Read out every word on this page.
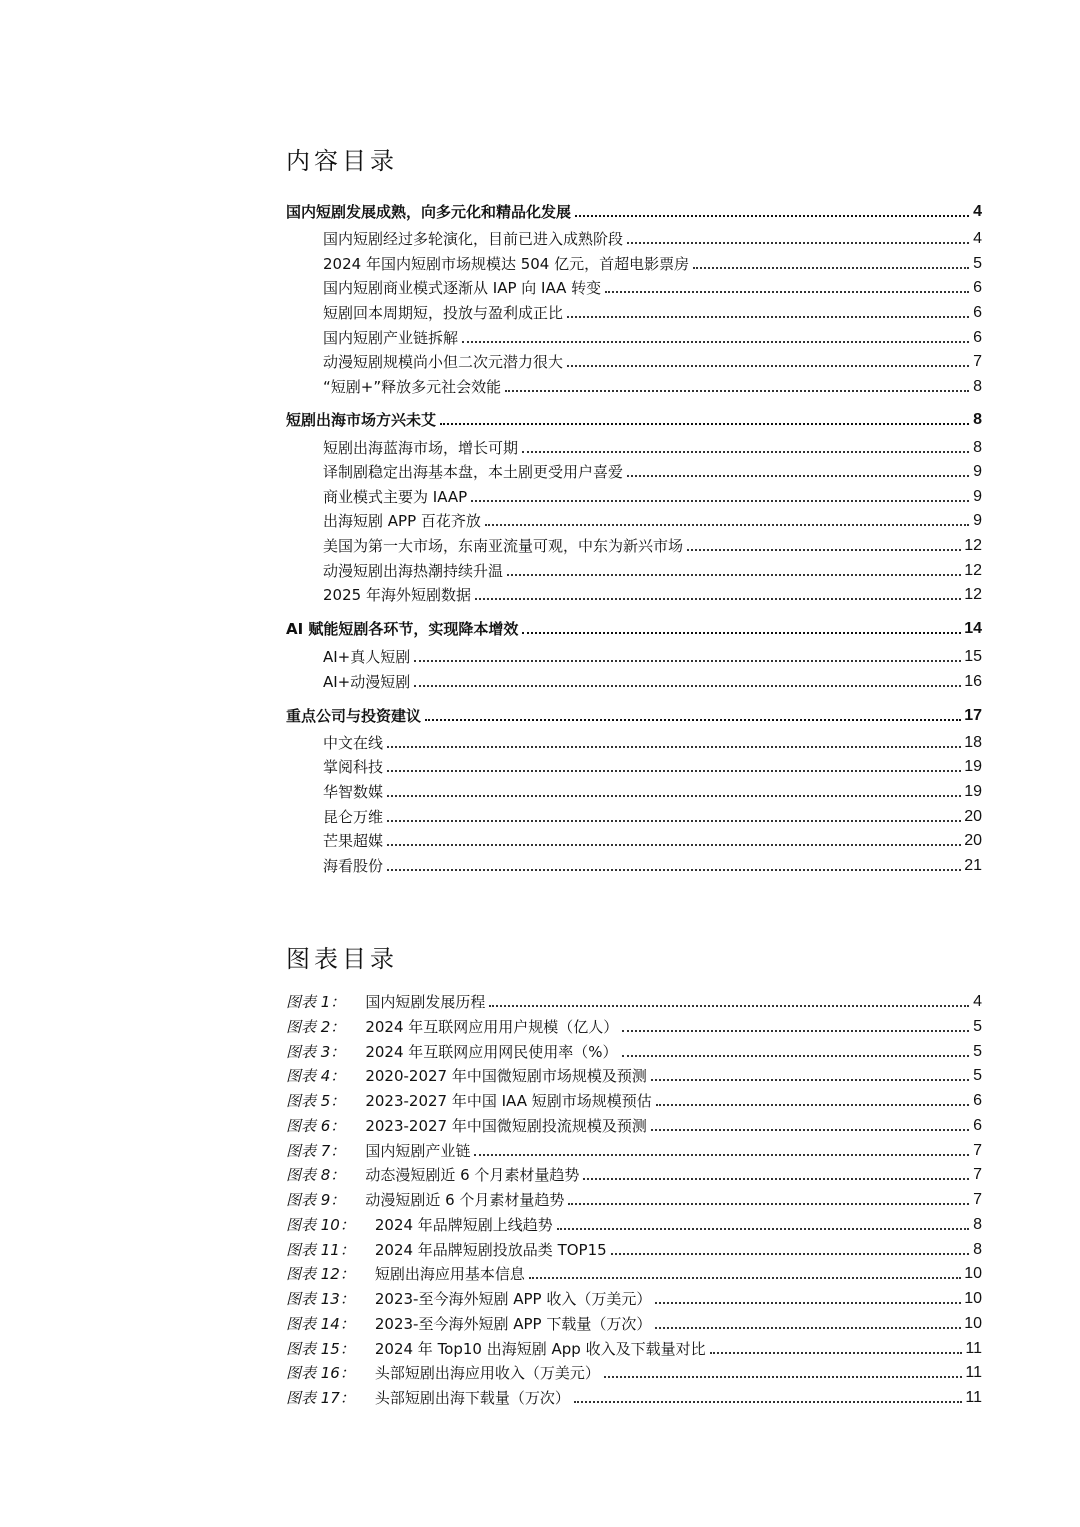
内容目录
国内短剧发展成熟，向多元化和精品化发展	4
国内短剧经过多轮演化，目前已进入成熟阶段	4
2024 年国内短剧市场规模达 504 亿元，首超电影票房	5
国内短剧商业模式逐渐从 IAP 向 IAA 转变	6
短剧回本周期短，投放与盈利成正比	6
国内短剧产业链拆解	6
动漫短剧规模尚小但二次元潜力很大	7
“短剧+”释放多元社会效能	8
短剧出海市场方兴未艾	8
短剧出海蓝海市场，增长可期	8
译制剧稳定出海基本盘，本土剧更受用户喜爱	9
商业模式主要为 IAAP	9
出海短剧 APP 百花齐放	9
美国为第一大市场，东南亚流量可观，中东为新兴市场	12
动漫短剧出海热潮持续升温	12
2025 年海外短剧数据	12
AI 赋能短剧各环节，实现降本增效	14
AI+真人短剧	15
AI+动漫短剧	16
重点公司与投资建议	17
中文在线	18
掌阅科技	19
华智数媒	19
昆仑万维	20
芒果超媒	20
海看股份	21
图表目录
图表 1： 国内短剧发展历程	4
图表 2： 2024 年互联网应用用户规模（亿人）	5
图表 3： 2024 年互联网应用网民使用率（%）	5
图表 4： 2020-2027 年中国微短剧市场规模及预测	5
图表 5： 2023-2027 年中国 IAA 短剧市场规模预估	6
图表 6： 2023-2027 年中国微短剧投流规模及预测	6
图表 7： 国内短剧产业链	7
图表 8： 动态漫短剧近 6 个月素材量趋势	7
图表 9： 动漫短剧近 6 个月素材量趋势	7
图表 10： 2024 年品牌短剧上线趋势	8
图表 11： 2024 年品牌短剧投放品类 TOP15	8
图表 12： 短剧出海应用基本信息	10
图表 13： 2023-至今海外短剧 APP 收入（万美元）	10
图表 14： 2023-至今海外短剧 APP 下载量（万次）	10
图表 15： 2024 年 Top10 出海短剧 App 收入及下载量对比	11
图表 16： 头部短剧出海应用收入（万美元）	11
图表 17： 头部短剧出海下载量（万次）	11
